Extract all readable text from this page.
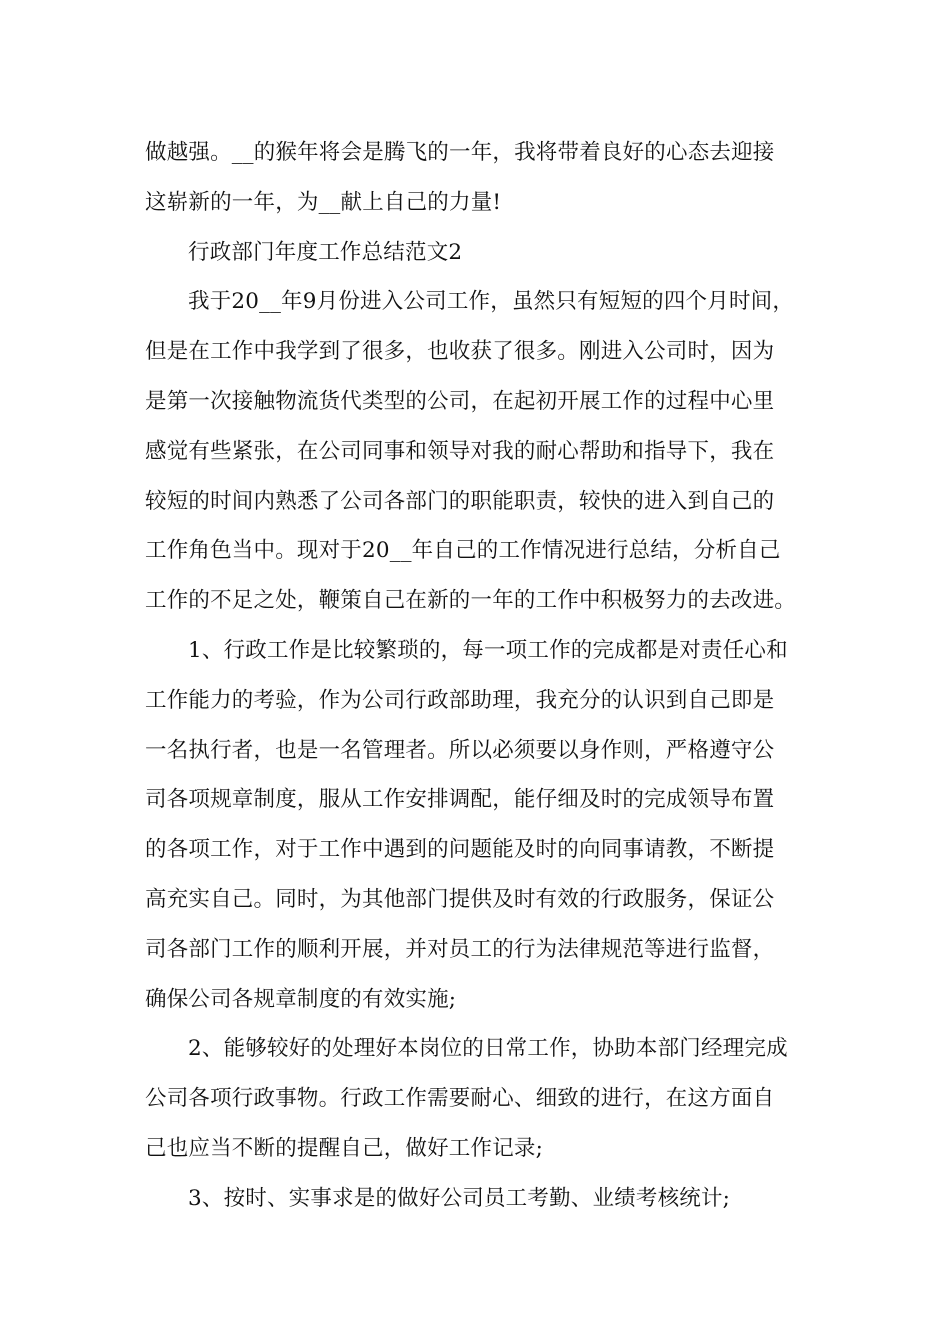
做越强。__的猴年将会是腾飞的一年，我将带着良好的心态去迎接
这崭新的一年，为__献上自己的力量!
行政部门年度工作总结范文2
我于20__年9月份进入公司工作，虽然只有短短的四个月时间，
但是在工作中我学到了很多，也收获了很多。刚进入公司时，因为
是第一次接触物流货代类型的公司，在起初开展工作的过程中心里
感觉有些紧张，在公司同事和领导对我的耐心帮助和指导下，我在
较短的时间内熟悉了公司各部门的职能职责，较快的进入到自己的
工作角色当中。现对于20__年自己的工作情况进行总结，分析自己
工作的不足之处，鞭策自己在新的一年的工作中积极努力的去改进。
1、行政工作是比较繁琐的，每一项工作的完成都是对责任心和
工作能力的考验，作为公司行政部助理，我充分的认识到自己即是
一名执行者，也是一名管理者。所以必须要以身作则，严格遵守公
司各项规章制度，服从工作安排调配，能仔细及时的完成领导布置
的各项工作，对于工作中遇到的问题能及时的向同事请教，不断提
高充实自己。同时，为其他部门提供及时有效的行政服务，保证公
司各部门工作的顺利开展，并对员工的行为法律规范等进行监督，
确保公司各规章制度的有效实施;
2、能够较好的处理好本岗位的日常工作，协助本部门经理完成
公司各项行政事物。行政工作需要耐心、细致的进行，在这方面自
己也应当不断的提醒自己，做好工作记录;
3、按时、实事求是的做好公司员工考勤、业绩考核统计;
